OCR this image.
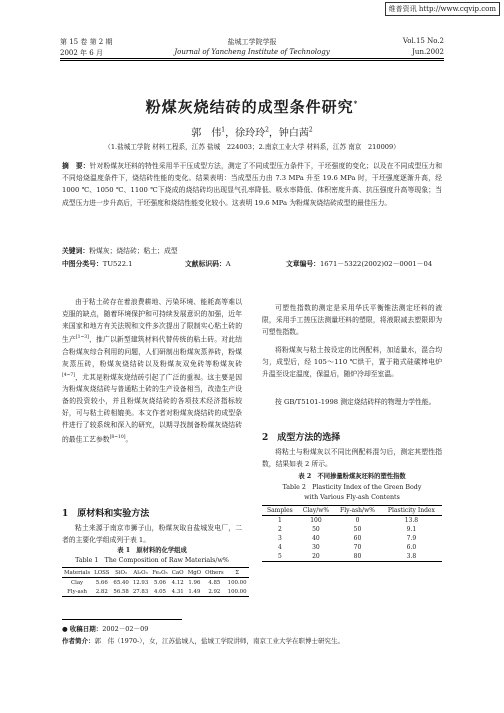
维普资讯 http://www.cqvip.com
第 15 卷 第 2 期
2002 年 6 月
盐城工学院学报
Journal of Yancheng Institute of Technology
Vol.15 No.2
Jun.2002
粉煤灰烧结砖的成型条件研究*
郭　伟$^1$，徐玲玲$^2$，钟白茜$^2$
（1.盐城工学院 材料工程系，江苏 盐城　224003；2.南京工业大学 材料系，江苏 南京　210009）
摘　要：针对粉煤灰坯料的特性采用半干压成型方法，测定了不同成型压力条件下，干坯强度的变化；以及在不同成型压力和不同焙烧温度条件下，烧结砖性能的变化。结果表明：当成型压力由 7.3 MPa 升至 19.6 MPa 时，干坯强度逐渐升高，经 1000 ℃、1050 ℃、1100 ℃下烧成的烧结砖均出现显气孔率降低、吸水率降低、体积密度升高、抗压强度升高等现象；当成型压力进一步升高后，干坯强度和烧结性能变化较小。这表明 19.6 MPa 为粉煤灰烧结砖成型的最佳压力。
关键词：粉煤灰；烧结砖；粘土；成型
中图分类号：TU522.1	文献标识码：A	文章编号：1671－5322(2002)02－0001－04
由于粘土砖存在着浪费耕地、污染环境、能耗高等难以克服的缺点，随着环境保护和可持续发展意识的加强，近年来国家和地方有关法规和文件多次提出了限制实心粘土砖的生产[1~3]，推广以新型建筑材料代替传统的粘土砖。对此结合粉煤灰综合利用的问题，人们研制出粉煤灰蒸养砖，粉煤灰蒸压砖，粉煤灰烧结砖以及粉煤灰双免砖等粉煤灰砖[4~7]，尤其是粉煤灰烧结砖引起了广泛的重视。这主要是因为粉煤灰烧结砖与普通粘土砖的生产设备相当，改造生产设备的投资较小，并且粉煤灰烧结砖的各项技术经济指标较好，可与粘土砖相媲美。本文作者对粉煤灰烧结砖的成型条件进行了较系统和深入的研究，以期寻找制备粉煤灰烧结砖的最佳工艺参数[8~10]。
1　原材料和实验方法
粘土来源于南京市狮子山，粉煤灰取自盐城发电厂，二者的主要化学组成列于表 1。
表 1　原材料的化学组成
Table 1　The Composition of Raw Materials/w%
Materials	LOSS	SiO₂	Al₂O₃	Fe₂O₃	CaO	MgO	Others	Σ
Clay	5.66	65.40	12.93	5.06	4.12	1.96	4.85	100.00
Fly-ash	2.82	56.58	27.83	4.05	4.31	1.49	2.92	100.00
可塑性指数的测定是采用华氏平衡锥法测定坯料的液限，采用手工搓压法测量坯料的塑限，将液限减去塑限即为可塑性指数。
将粉煤灰与粘土按设定的比例配料，加适量水，混合均匀，成型后，经 105～110 ℃烘干，置于箱式硅碳棒电炉升温至设定温度，保温后，随炉冷却至室温。
按 GB/T5101-1998 测定烧结砖样的物理力学性能。
2　成型方法的选择
将粘土与粉煤灰以不同比例配料混匀后，测定其塑性指数，结果如表 2 所示。
表 2　不同掺量粉煤灰坯料的塑性指数
Table 2　Plasticity Index of the Green Body
with Various Fly-ash Contents
Samples	Clay/w%	Fly-ash/w%	Plasticity Index
1	100	0	13.8
2	50	50	9.1
3	40	60	7.9
4	30	70	6.0
5	20	80	3.8
● 收稿日期：2002－02－09
作者简介：郭　伟（1970-），女，江苏盐城人，盐城工学院讲师，南京工业大学在职博士研究生。
